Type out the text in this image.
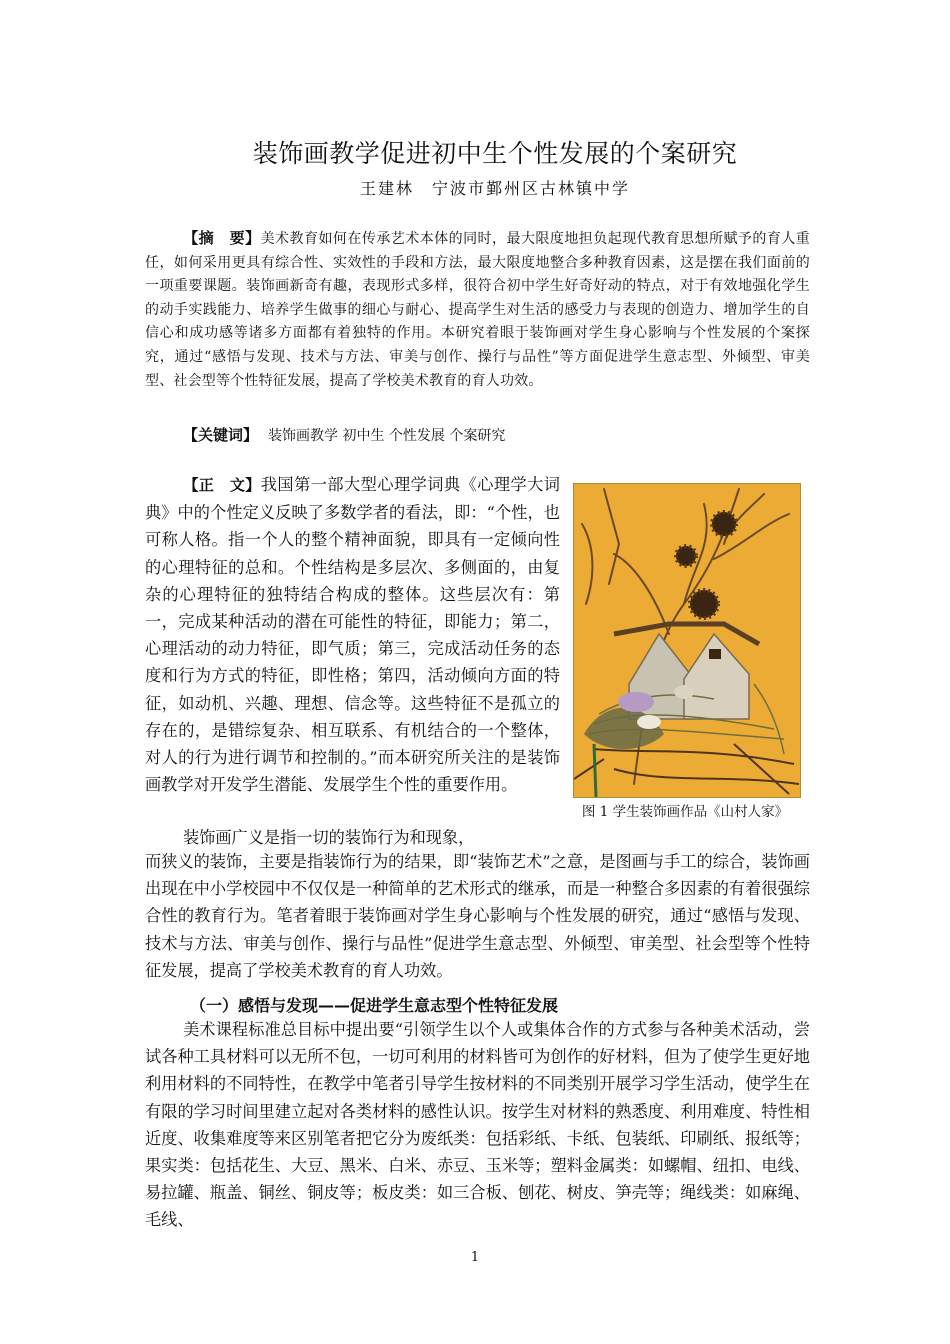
装饰画教学促进初中生个性发展的个案研究
王建林　宁波市鄞州区古林镇中学
【摘　要】美术教育如何在传承艺术本体的同时，最大限度地担负起现代教育思想所赋予的育人重任，如何采用更具有综合性、实效性的手段和方法，最大限度地整合多种教育因素，这是摆在我们面前的一项重要课题。装饰画新奇有趣，表现形式多样，很符合初中学生好奇好动的特点，对于有效地强化学生的动手实践能力、培养学生做事的细心与耐心、提高学生对生活的感受力与表现的创造力、增加学生的自信心和成功感等诸多方面都有着独特的作用。本研究着眼于装饰画对学生身心影响与个性发展的个案探究，通过“感悟与发现、技术与方法、审美与创作、操行与品性”等方面促进学生意志型、外倾型、审美型、社会型等个性特征发展，提高了学校美术教育的育人功效。
【关键词】 装饰画教学 初中生 个性发展 个案研究
【正　文】我国第一部大型心理学词典《心理学大词典》中的个性定义反映了多数学者的看法，即：“个性，也可称人格。指一个人的整个精神面貌，即具有一定倾向性的心理特征的总和。个性结构是多层次、多侧面的，由复杂的心理特征的独特结合构成的整体。这些层次有：第一，完成某种活动的潜在可能性的特征，即能力；第二，心理活动的动力特征，即气质；第三，完成活动任务的态度和行为方式的特征，即性格；第四，活动倾向方面的特征，如动机、兴趣、理想、信念等。这些特征不是孤立的存在的，是错综复杂、相互联系、有机结合的一个整体，对人的行为进行调节和控制的。”而本研究所关注的是装饰画教学对开发学生潜能、发展学生个性的重要作用。
装饰画广义是指一切的装饰行为和现象，
而狭义的装饰，主要是指装饰行为的结果，即“装饰艺术”之意，是图画与手工的综合，装饰画出现在中小学校园中不仅仅是一种简单的艺术形式的继承，而是一种整合多因素的有着很强综合性的教育行为。笔者着眼于装饰画对学生身心影响与个性发展的研究，通过“感悟与发现、技术与方法、审美与创作、操行与品性”促进学生意志型、外倾型、审美型、社会型等个性特征发展，提高了学校美术教育的育人功效。
（一）感悟与发现——促进学生意志型个性特征发展
美术课程标准总目标中提出要“引领学生以个人或集体合作的方式参与各种美术活动，尝试各种工具材料可以无所不包，一切可利用的材料皆可为创作的好材料，但为了使学生更好地利用材料的不同特性，在教学中笔者引导学生按材料的不同类别开展学习学生活动，使学生在有限的学习时间里建立起对各类材料的感性认识。按学生对材料的熟悉度、利用难度、特性相近度、收集难度等来区别笔者把它分为废纸类：包括彩纸、卡纸、包装纸、印刷纸、报纸等；果实类：包括花生、大豆、黑米、白米、赤豆、玉米等；塑料金属类：如螺帽、纽扣、电线、易拉罐、瓶盖、铜丝、铜皮等；板皮类：如三合板、刨花、树皮、笋壳等；绳线类：如麻绳、毛线、
图 1 学生装饰画作品《山村人家》
1
